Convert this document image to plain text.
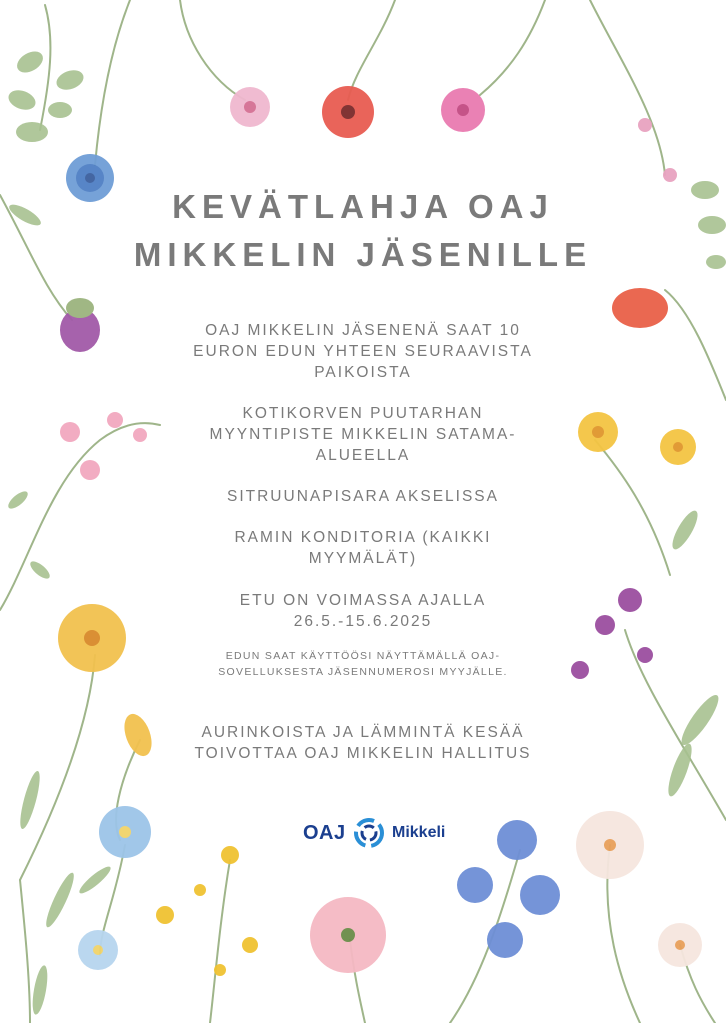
KEVÄTLAHJA OAJ
MIKKELIN JÄSENILLE

OAJ MIKKELIN JÄSENENÄ SAAT 10

EURON EDUN YHTEEN SEURAAVISTA

PAIKOISTA

KOTIKORVEN PUUTARHAN

MYYNTIPISTE MIKKELIN SATAMA-

ALUEELLA

SITRUUNAPISARA AKSELISSA

RAMIN KONDITORIA (KAIKKI

MYYMÄLÄT)

ETU ON VOIMASSA AJALLA

26.5.-15.6.2025

EDUN SAAT KÄYTTÖÖSI NÄYTTÄMÄLLÄ OAJ-

SOVELLUKSESTA JÄSENNUMEROSI MYYJÄLLE.

AURINKOISTA JA LÄMMINTÄ KESÄÄ

TOIVOTTAA OAJ MIKKELIN HALLITUS

OAJ	Mikkeli
